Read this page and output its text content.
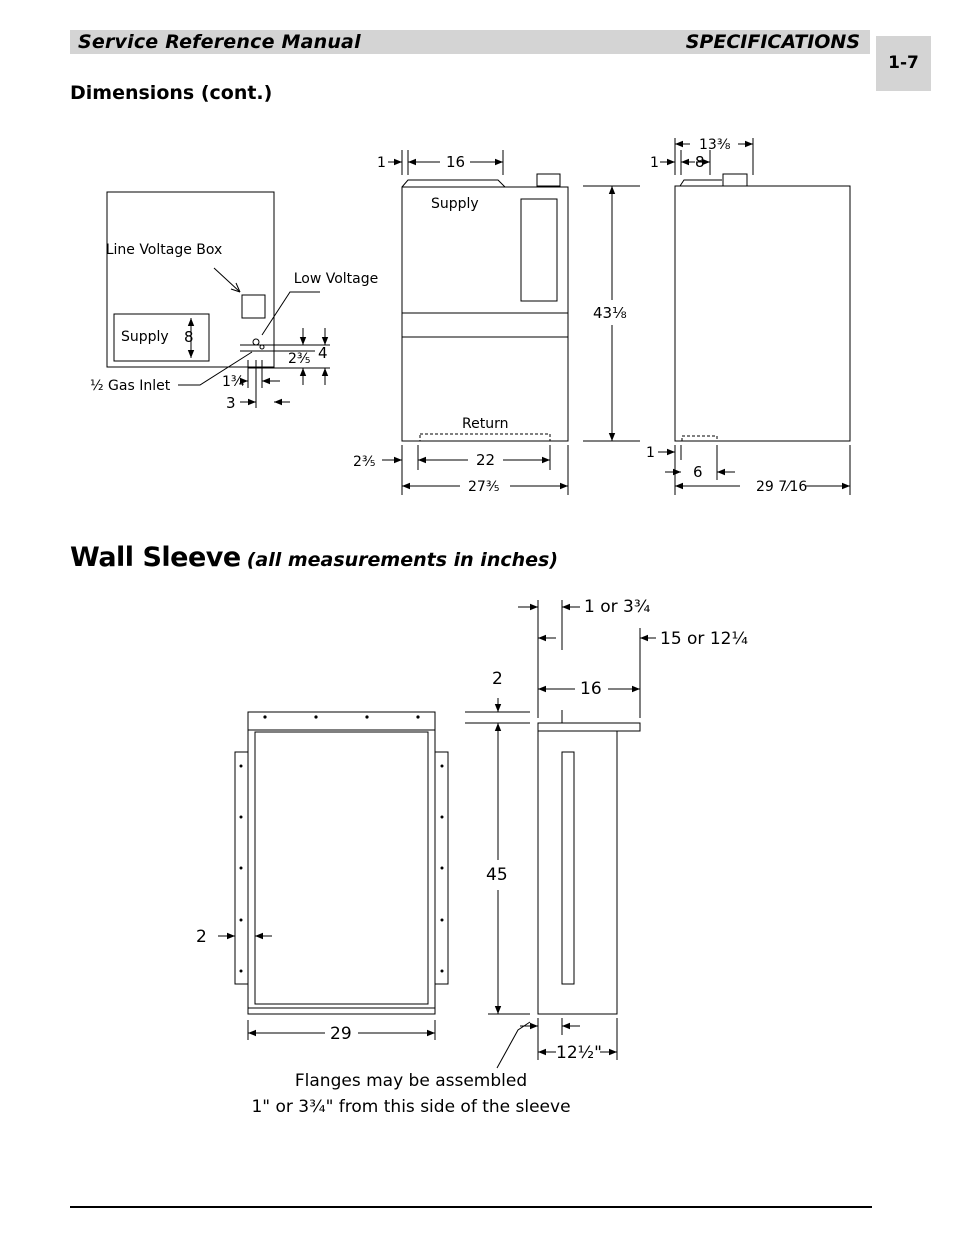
Service Reference Manual	SPECIFICATIONS
1-7
Dimensions (cont.)
Line Voltage Box
Low Voltage
Supply 8
½ Gas Inlet
2⅗ 4
1¾
3
Supply
Return
1	16
43⅛
2⅗	22
27⅗
13⅜
1 8
1
6
29 7⁄16
2
29
1 or 3¾
15 or 12¼
2	16
45
12½"
Flanges may be assembled
1" or 3¾" from this side of the sleeve
Wall Sleeve (all measurements in inches)
